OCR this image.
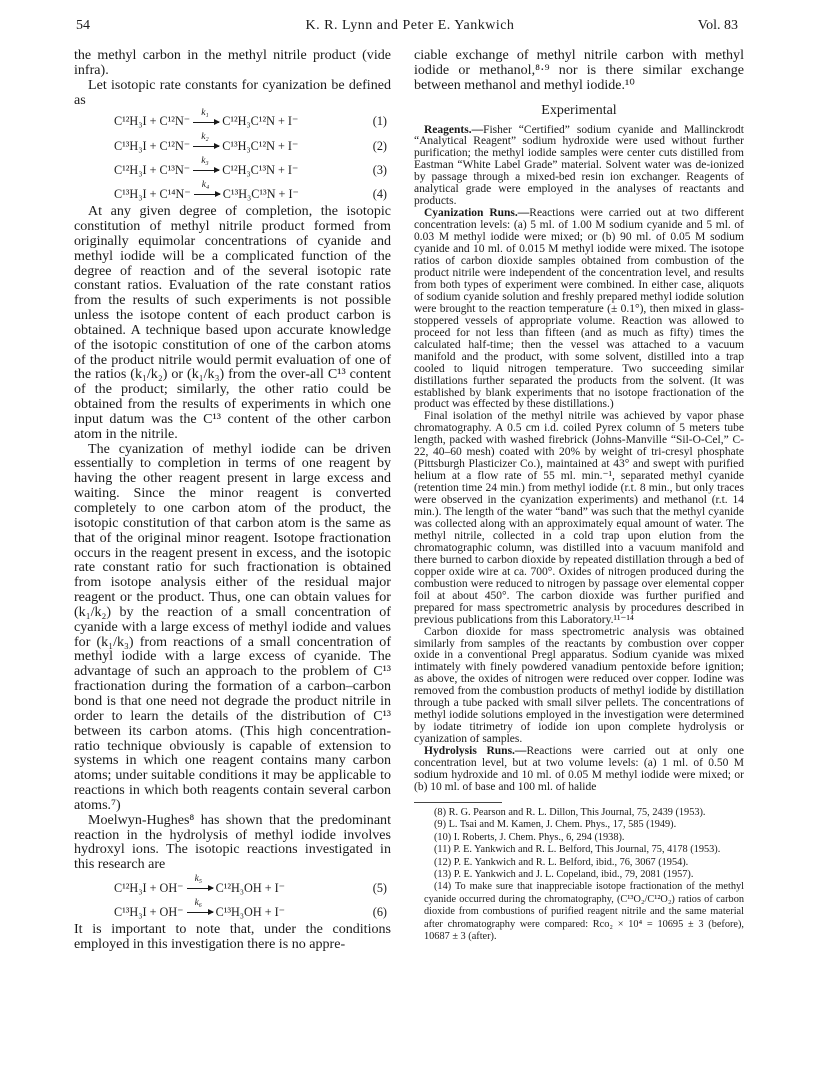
54	K. R. Lynn and Peter E. Yankwich	Vol. 83

the methyl carbon in the methyl nitrile product (vide infra).

Let isotopic rate constants for cyanization be defined as

C¹²H₃I + C¹²N⁻
k₁
C¹²H₃C¹²N + I⁻	(1)
C¹³H₃I + C¹²N⁻
k₂
C¹³H₃C¹²N + I⁻	(2)
C¹²H₃I + C¹³N⁻
k₃
C¹²H₃C¹³N + I⁻	(3)
C¹³H₃I + C¹⁴N⁻
k₄
C¹³H₃C¹³N + I⁻	(4)

At any given degree of completion, the isotopic constitution of methyl nitrile product formed from originally equimolar concentrations of cyanide and methyl iodide will be a complicated function of the degree of reaction and of the several isotopic rate constant ratios. Evaluation of the rate constant ratios from the results of such experiments is not possible unless the isotope content of each product carbon is obtained. A technique based upon accurate knowledge of the isotopic constitution of one of the carbon atoms of the product nitrile would permit evaluation of one of the ratios (k₁/k₂) or (k₁/k₃) from the over-all C¹³ content of the product; similarly, the other ratio could be obtained from the results of experiments in which one input datum was the C¹³ content of the other carbon atom in the nitrile.

The cyanization of methyl iodide can be driven essentially to completion in terms of one reagent by having the other reagent present in large excess and waiting. Since the minor reagent is converted completely to one carbon atom of the product, the isotopic constitution of that carbon atom is the same as that of the original minor reagent. Isotope fractionation occurs in the reagent present in excess, and the isotopic rate constant ratio for such fractionation is obtained from isotope analysis either of the residual major reagent or the product. Thus, one can obtain values for (k₁/k₂) by the reaction of a small concentration of cyanide with a large excess of methyl iodide and values for (k₁/k₃) from reactions of a small concentration of methyl iodide with a large excess of cyanide. The advantage of such an approach to the problem of C¹³ fractionation during the formation of a carbon–carbon bond is that one need not degrade the product nitrile in order to learn the details of the distribution of C¹³ between its carbon atoms. (This high concentration-ratio technique obviously is capable of extension to systems in which one reagent contains many carbon atoms; under suitable conditions it may be applicable to reactions in which both reagents contain several carbon atoms.⁷)

Moelwyn-Hughes⁸ has shown that the predominant reaction in the hydrolysis of methyl iodide involves hydroxyl ions. The isotopic reactions investigated in this research are

C¹²H₃I + OH⁻
k₅
C¹²H₃OH + I⁻	(5)
C¹³H₃I + OH⁻
k₆
C¹³H₃OH + I⁻	(6)

It is important to note that, under the conditions employed in this investigation there is no appre-

ciable exchange of methyl nitrile carbon with methyl iodide or methanol,⁸·⁹ nor is there similar exchange between methanol and methyl iodide.¹⁰

Experimental

Reagents.—Fisher “Certified” sodium cyanide and Mallinckrodt “Analytical Reagent” sodium hydroxide were used without further purification; the methyl iodide samples were center cuts distilled from Eastman “White Label Grade” material. Solvent water was de-ionized by passage through a mixed-bed resin ion exchanger. Reagents of analytical grade were employed in the analyses of reactants and products.

Cyanization Runs.—Reactions were carried out at two different concentration levels: (a) 5 ml. of 1.00 M sodium cyanide and 5 ml. of 0.03 M methyl iodide were mixed; or (b) 90 ml. of 0.05 M sodium cyanide and 10 ml. of 0.015 M methyl iodide were mixed. The isotope ratios of carbon dioxide samples obtained from combustion of the product nitrile were independent of the concentration level, and results from both types of experiment were combined. In either case, aliquots of sodium cyanide solution and freshly prepared methyl iodide solution were brought to the reaction temperature (± 0.1°), then mixed in glass-stoppered vessels of appropriate volume. Reaction was allowed to proceed for not less than fifteen (and as much as fifty) times the calculated half-time; then the vessel was attached to a vacuum manifold and the product, with some solvent, distilled into a trap cooled to liquid nitrogen temperature. Two succeeding similar distillations further separated the products from the solvent. (It was established by blank experiments that no isotope fractionation of the product was effected by these distillations.)

Final isolation of the methyl nitrile was achieved by vapor phase chromatography. A 0.5 cm i.d. coiled Pyrex column of 5 meters tube length, packed with washed firebrick (Johns-Manville “Sil-O-Cel,” C-22, 40–60 mesh) coated with 20% by weight of tri-cresyl phosphate (Pittsburgh Plasticizer Co.), maintained at 43° and swept with purified helium at a flow rate of 55 ml. min.⁻¹, separated methyl cyanide (retention time 24 min.) from methyl iodide (r.t. 8 min., but only traces were observed in the cyanization experiments) and methanol (r.t. 14 min.). The length of the water “band” was such that the methyl cyanide was collected along with an approximately equal amount of water. The methyl nitrile, collected in a cold trap upon elution from the chromatographic column, was distilled into a vacuum manifold and there burned to carbon dioxide by repeated distillation through a bed of copper oxide wire at ca. 700°. Oxides of nitrogen produced during the combustion were reduced to nitrogen by passage over elemental copper foil at about 450°. The carbon dioxide was further purified and prepared for mass spectrometric analysis by procedures described in previous publications from this Laboratory.¹¹⁻¹⁴

Carbon dioxide for mass spectrometric analysis was obtained similarly from samples of the reactants by combustion over copper oxide in a conventional Pregl apparatus. Sodium cyanide was mixed intimately with finely powdered vanadium pentoxide before ignition; as above, the oxides of nitrogen were reduced over copper. Iodine was removed from the combustion products of methyl iodide by distillation through a tube packed with small silver pellets. The concentrations of methyl iodide solutions employed in the investigation were determined by iodate titrimetry of iodide ion upon complete hydrolysis or cyanization of samples.

Hydrolysis Runs.—Reactions were carried out at only one concentration level, but at two volume levels: (a) 1 ml. of 0.50 M sodium hydroxide and 10 ml. of 0.05 M methyl iodide were mixed; or (b) 10 ml. of base and 100 ml. of halide

(8) R. G. Pearson and R. L. Dillon, This Journal, 75, 2439 (1953).

(9) L. Tsai and M. Kamen, J. Chem. Phys., 17, 585 (1949).

(10) I. Roberts, J. Chem. Phys., 6, 294 (1938).

(11) P. E. Yankwich and R. L. Belford, This Journal, 75, 4178 (1953).

(12) P. E. Yankwich and R. L. Belford, ibid., 76, 3067 (1954).

(13) P. E. Yankwich and J. L. Copeland, ibid., 79, 2081 (1957).

(14) To make sure that inappreciable isotope fractionation of the methyl cyanide occurred during the chromatography, (C¹³O₂/C¹²O₂) ratios of carbon dioxide from combustions of purified reagent nitrile and the same material after chromatography were compared: Rco₂ × 10⁴ = 10695 ± 3 (before), 10687 ± 3 (after).
